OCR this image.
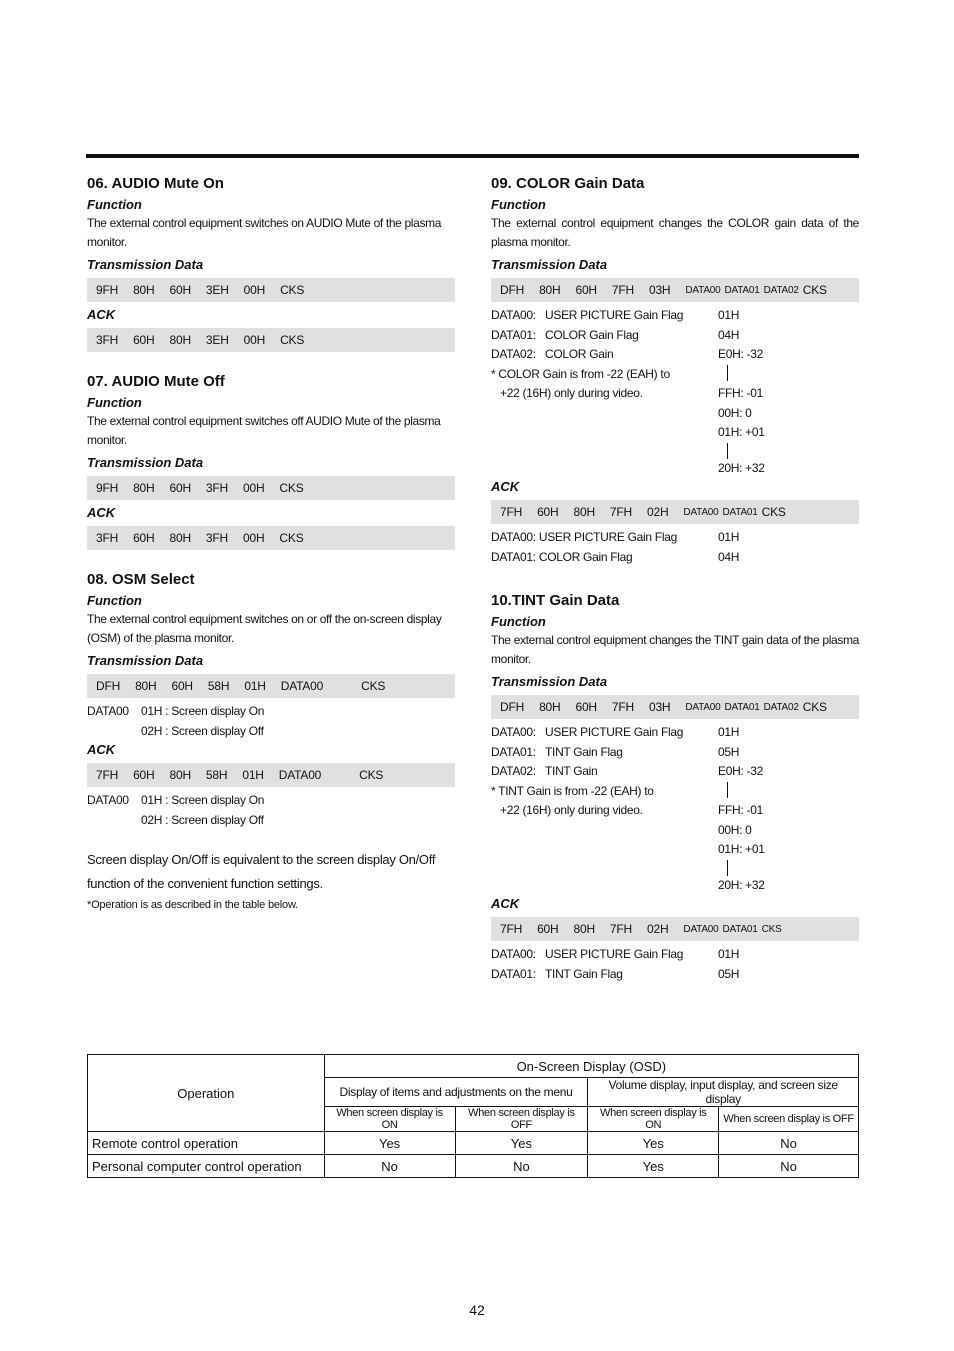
06. AUDIO Mute On

Function

The external control equipment switches on AUDIO Mute of the plasma monitor.

Transmission Data

9FH 80H 60H 3EH 00H CKS

ACK

3FH 60H 80H 3EH 00H CKS
07. AUDIO Mute Off

Function

The external control equipment switches off AUDIO Mute of the plasma monitor.

Transmission Data

9FH 80H 60H 3FH 00H CKS

ACK

3FH 60H 80H 3FH 00H CKS
08. OSM Select

Function

The external control equipment switches on or off the on-screen display (OSM) of the plasma monitor.

Transmission Data

DFH 80H 60H 58H 01H DATA00	CKS
DATA00	01H : Screen display On
02H : Screen display Off

ACK

7FH 60H 80H 58H 01H DATA00	CKS
DATA00	01H : Screen display On
02H : Screen display Off
Screen display On/Off is equivalent to the screen display On/Off
function of the convenient function settings.
*Operation is as described in the table below.
09. COLOR Gain Data

Function

The external control equipment changes the COLOR gain data of the plasma monitor.

Transmission Data

DFH 80H 60H 7FH 03H DATA00 DATA01 DATA02 CKS
DATA00: USER PICTURE Gain Flag	01H
DATA01: COLOR Gain Flag	04H
DATA02: COLOR Gain	E0H: -32
* COLOR Gain is from -22 (EAH) to
+22 (16H) only during video.	FFH: -01
00H: 0
01H: +01
20H: +32

ACK

7FH 60H 80H 7FH 02H DATA00 DATA01 CKS
DATA00: USER PICTURE Gain Flag	01H
DATA01: COLOR Gain Flag	04H
10.TINT Gain Data

Function

The external control equipment changes the TINT gain data of the plasma monitor.

Transmission Data

DFH 80H 60H 7FH 03H DATA00 DATA01 DATA02 CKS
DATA00: USER PICTURE Gain Flag	01H
DATA01: TINT Gain Flag	05H
DATA02: TINT Gain	E0H: -32
* TINT Gain is from -22 (EAH) to
+22 (16H) only during video.	FFH: -01
00H: 0
01H: +01
20H: +32

ACK

7FH 60H 80H 7FH 02H DATA00 DATA01 CKS
DATA00: USER PICTURE Gain Flag	01H
DATA01: TINT Gain Flag	05H
Operation	On-Screen Display (OSD)			
	Display of items and adjustments on the menu		Volume display, input display, and screen size display	
	When screen display is ON	When screen display is OFF	When screen display is ON	When screen display is OFF
Remote control operation	Yes	Yes	Yes	No
Personal computer control operation	No	No	Yes	No
42
